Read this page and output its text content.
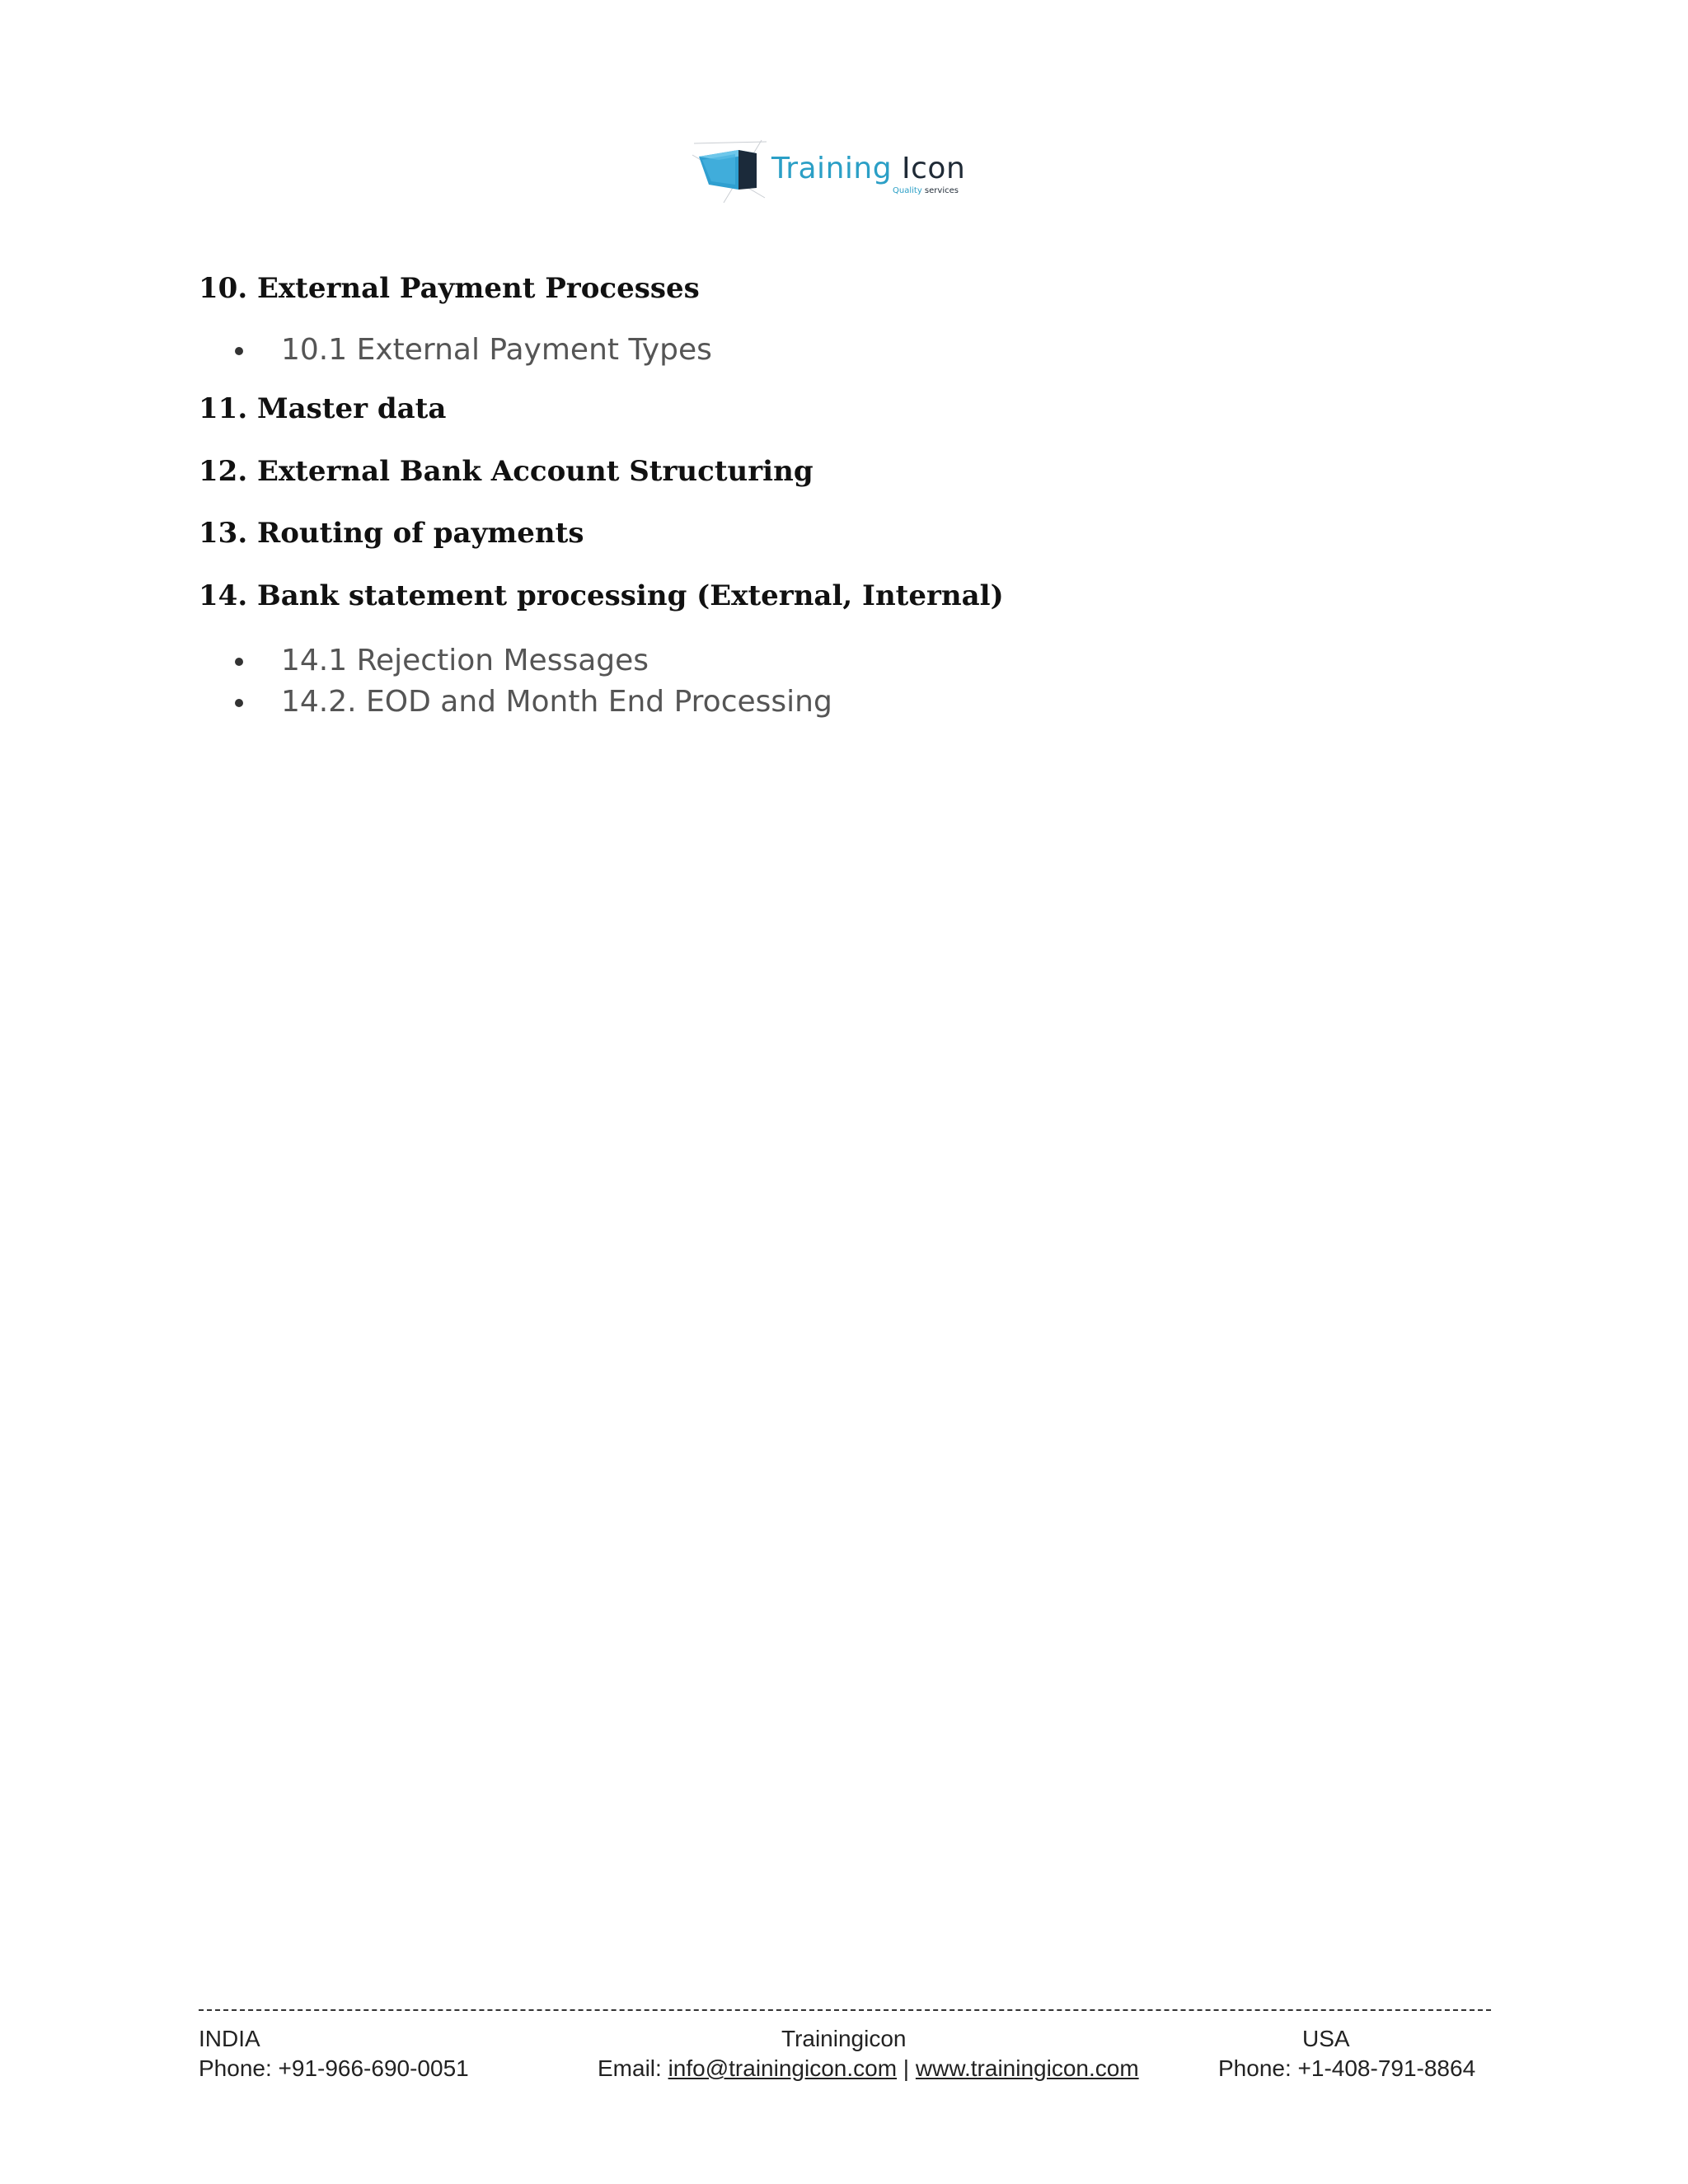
Training Icon
Quality services
10. External Payment Processes
10.1 External Payment Types
11. Master data
12. External Bank Account Structuring
13. Routing of payments
14. Bank statement processing (External, Internal)
14.1 Rejection Messages
14.2. EOD and Month End Processing
INDIA
Phone: +91-966-690-0051
Trainingicon
Email: info@trainingicon.com | www.trainingicon.com
USA
Phone: +1-408-791-8864
